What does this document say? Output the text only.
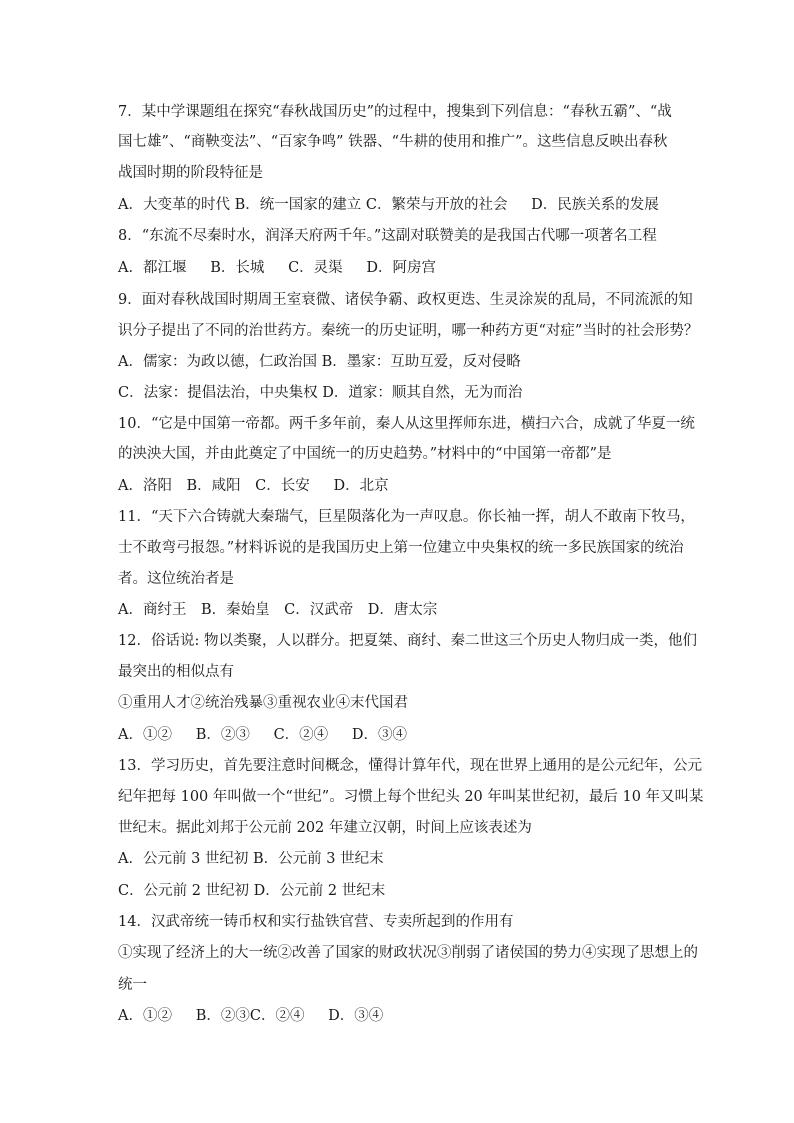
7．某中学课题组在探究“春秋战国历史”的过程中，搜集到下列信息：“春秋五霸”、“战
国七雄”、“商鞅变法”、“百家争鸣” 铁器、“牛耕的使用和推广”。这些信息反映出春秋
战国时期的阶段特征是
A．大变革的时代 B．统一国家的建立 C．繁荣与开放的社会 　 D．民族关系的发展
8．“东流不尽秦时水，润泽天府两千年。”这副对联赞美的是我国古代哪一项著名工程
A．都江堰 　 B．长城 　 C．灵渠 　 D．阿房宫
9．面对春秋战国时期周王室衰微、诸侯争霸、政权更迭、生灵涂炭的乱局，不同流派的知
识分子提出了不同的治世药方。秦统一的历史证明，哪一种药方更“对症”当时的社会形势？
A．儒家：为政以德，仁政治国 B．墨家：互助互爱，反对侵略
C．法家：提倡法治，中央集权 D．道家：顺其自然，无为而治
10．“它是中国第一帝都。两千多年前，秦人从这里挥师东进，横扫六合，成就了华夏一统
的泱泱大国，并由此奠定了中国统一的历史趋势。”材料中的“中国第一帝都”是
A．洛阳　B．咸阳　C．长安 　 D．北京
11．“天下六合铸就大秦瑞气，巨星陨落化为一声叹息。你长袖一挥，胡人不敢南下牧马，
士不敢弯弓报怨。”材料诉说的是我国历史上第一位建立中央集权的统一多民族国家的统治
者。这位统治者是
A．商纣王　B．秦始皇　C．汉武帝　D．唐太宗
12．俗话说: 物以类聚，人以群分。把夏桀、商纣、秦二世这三个历史人物归成一类，他们
最突出的相似点有
①重用人才②统治残暴③重视农业④末代国君
A．①② 　 B．②③ 　 C．②④ 　 D．③④
13．学习历史，首先要注意时间概念，懂得计算年代，现在世界上通用的是公元纪年，公元
纪年把每 100 年叫做一个“世纪”。习惯上每个世纪头 20 年叫某世纪初，最后 10 年又叫某
世纪末。据此刘邦于公元前 202 年建立汉朝，时间上应该表述为
A．公元前 3 世纪初 B．公元前 3 世纪末
C．公元前 2 世纪初 D．公元前 2 世纪末
14．汉武帝统一铸币权和实行盐铁官营、专卖所起到的作用有
①实现了经济上的大一统②改善了国家的财政状况③削弱了诸侯国的势力④实现了思想上的
统一
A．①② 　 B．②③C．②④ 　 D．③④
